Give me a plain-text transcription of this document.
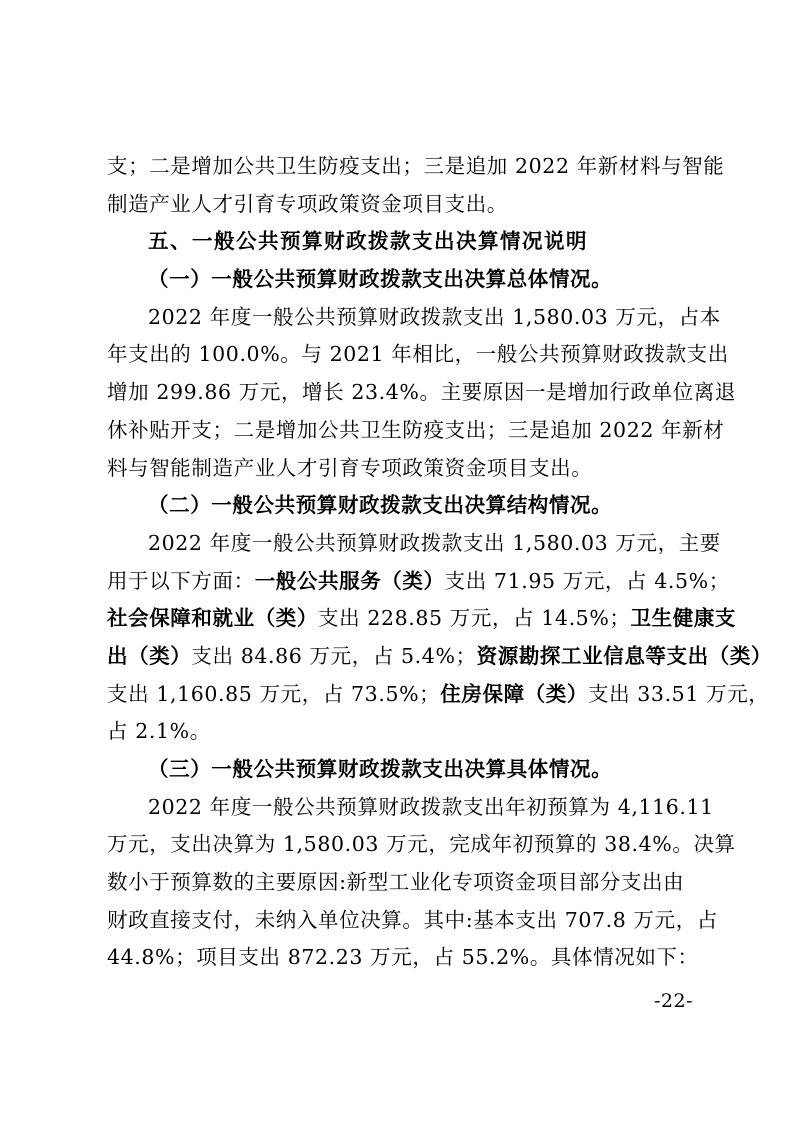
支；二是增加公共卫生防疫支出；三是追加 2022 年新材料与智能
制造产业人才引育专项政策资金项目支出。
五、一般公共预算财政拨款支出决算情况说明
（一）一般公共预算财政拨款支出决算总体情况。
2022 年度一般公共预算财政拨款支出 1,580.03 万元，占本
年支出的 100.0%。与 2021 年相比，一般公共预算财政拨款支出
增加 299.86 万元，增长 23.4%。主要原因一是增加行政单位离退
休补贴开支；二是增加公共卫生防疫支出；三是追加 2022 年新材
料与智能制造产业人才引育专项政策资金项目支出。
（二）一般公共预算财政拨款支出决算结构情况。
2022 年度一般公共预算财政拨款支出 1,580.03 万元，主要
用于以下方面：一般公共服务（类）支出 71.95 万元，占 4.5%；
社会保障和就业（类）支出 228.85 万元，占 14.5%；卫生健康支
出（类）支出 84.86 万元，占 5.4%；资源勘探工业信息等支出（类）
支出 1,160.85 万元，占 73.5%；住房保障（类）支出 33.51 万元，
占 2.1%。
（三）一般公共预算财政拨款支出决算具体情况。
2022 年度一般公共预算财政拨款支出年初预算为 4,116.11
万元，支出决算为 1,580.03 万元，完成年初预算的 38.4%。决算
数小于预算数的主要原因:新型工业化专项资金项目部分支出由
财政直接支付，未纳入单位决算。其中:基本支出 707.8 万元，占
44.8%；项目支出 872.23 万元，占 55.2%。具体情况如下：
-22-
